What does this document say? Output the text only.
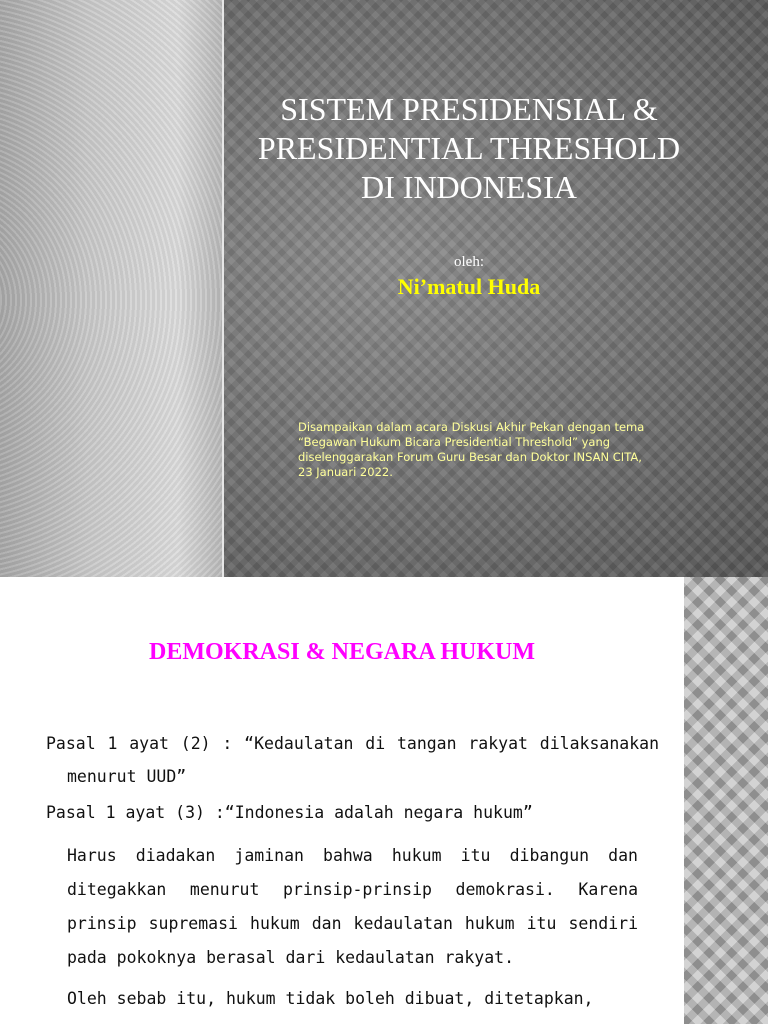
SISTEM PRESIDENSIAL &
PRESIDENTIAL THRESHOLD
DI INDONESIA
oleh:
Ni’matul Huda
Disampaikan dalam acara Diskusi Akhir Pekan dengan tema
“Begawan Hukum Bicara Presidential Threshold” yang
diselenggarakan Forum Guru Besar dan Doktor INSAN CITA,
23 Januari 2022.
DEMOKRASI & NEGARA HUKUM

Pasal 1 ayat (2) : “Kedaulatan di tangan rakyat dilaksanakan menurut UUD”

Pasal 1 ayat (3) :“Indonesia adalah negara hukum”

Harus diadakan jaminan bahwa hukum itu dibangun dan ditegakkan menurut prinsip-prinsip demokrasi. Karena prinsip supremasi hukum dan kedaulatan hukum itu sendiri pada pokoknya berasal dari kedaulatan rakyat.

Oleh sebab itu, hukum tidak boleh dibuat, ditetapkan,
